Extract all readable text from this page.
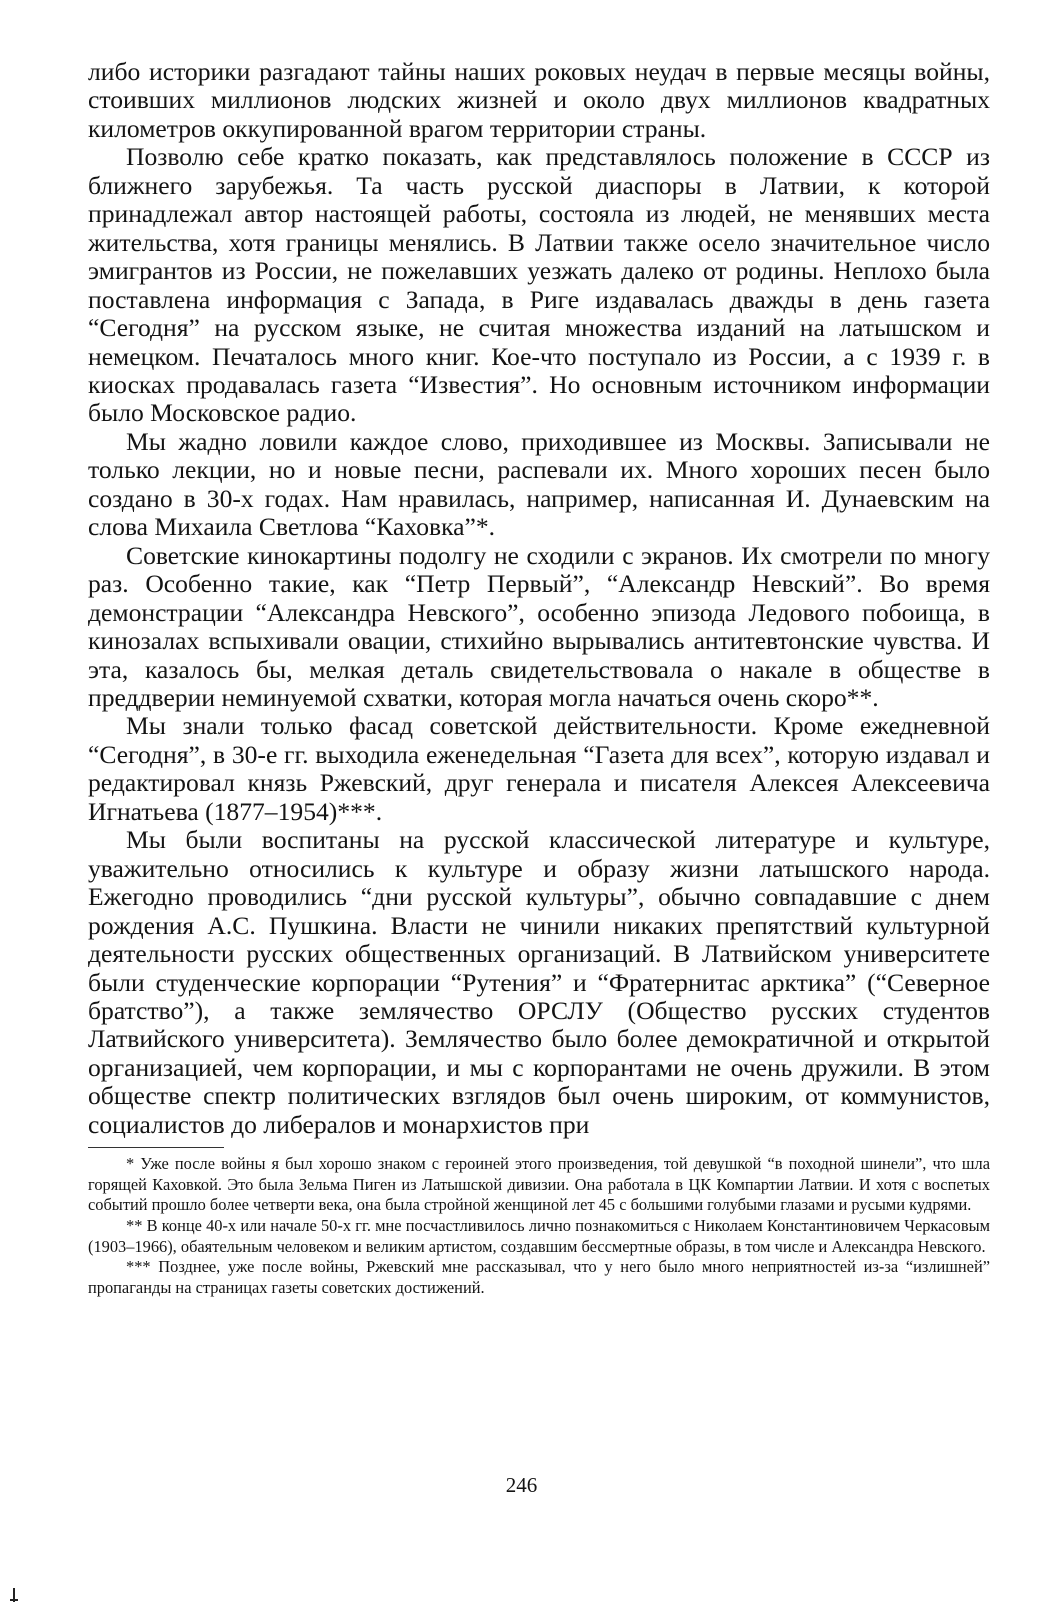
либо историки разгадают тайны наших роковых неудач в первые месяцы войны, стоивших миллионов людских жизней и около двух миллионов квадратных километров оккупированной врагом территории страны.

Позволю себе кратко показать, как представлялось положение в СССР из ближнего зарубежья. Та часть русской диаспоры в Латвии, к которой принадлежал автор настоящей работы, состояла из людей, не менявших места жительства, хотя границы менялись. В Латвии также осело значительное число эмигрантов из России, не пожелавших уезжать далеко от родины. Неплохо была поставлена информация с Запада, в Риге издавалась дважды в день газета “Сегодня” на русском языке, не считая множества изданий на латышском и немецком. Печаталось много книг. Кое-что поступало из России, а с 1939 г. в киосках продавалась газета “Известия”. Но основным источником информации было Московское радио.

Мы жадно ловили каждое слово, приходившее из Москвы. Записывали не только лекции, но и новые песни, распевали их. Много хороших песен было создано в 30-х годах. Нам нравилась, например, написанная И. Дунаевским на слова Михаила Светлова “Каховка”*.

Советские кинокартины подолгу не сходили с экранов. Их смотрели по многу раз. Особенно такие, как “Петр Первый”, “Александр Невский”. Во время демонстрации “Александра Невского”, особенно эпизода Ледового побоища, в кинозалах вспыхивали овации, стихийно вырывались антитевтонские чувства. И эта, казалось бы, мелкая деталь свидетельствовала о накале в обществе в преддверии неминуемой схватки, которая могла начаться очень скоро**.

Мы знали только фасад советской действительности. Кроме ежедневной “Сегодня”, в 30-е гг. выходила еженедельная “Газета для всех”, которую издавал и редактировал князь Ржевский, друг генерала и писателя Алексея Алексеевича Игнатьева (1877–1954)***.

Мы были воспитаны на русской классической литературе и культуре, уважительно относились к культуре и образу жизни латышского народа. Ежегодно проводились “дни русской культуры”, обычно совпадавшие с днем рождения А.С. Пушкина. Власти не чинили никаких препятствий культурной деятельности русских общественных организаций. В Латвийском университете были студенческие корпорации “Рутения” и “Фратернитас арктика” (“Северное братство”), а также землячество ОРСЛУ (Общество русских студентов Латвийского университета). Землячество было более демократичной и открытой организацией, чем корпорации, и мы с корпорантами не очень дружили. В этом обществе спектр политических взглядов был очень широким, от коммунистов, социалистов до либералов и монархистов при

* Уже после войны я был хорошо знаком с героиней этого произведения, той девушкой “в походной шинели”, что шла горящей Каховкой. Это была Зельма Пиген из Латышской дивизии. Она работала в ЦК Компартии Латвии. И хотя с воспетых событий прошло более четверти века, она была стройной женщиной лет 45 с большими голубыми глазами и русыми кудрями.

** В конце 40-х или начале 50-х гг. мне посчастливилось лично познакомиться с Николаем Константиновичем Черкасовым (1903–1966), обаятельным человеком и великим артистом, создавшим бессмертные образы, в том числе и Александра Невского.

*** Позднее, уже после войны, Ржевский мне рассказывал, что у него было много неприятностей из-за “излишней” пропаганды на страницах газеты советских достижений.

246
